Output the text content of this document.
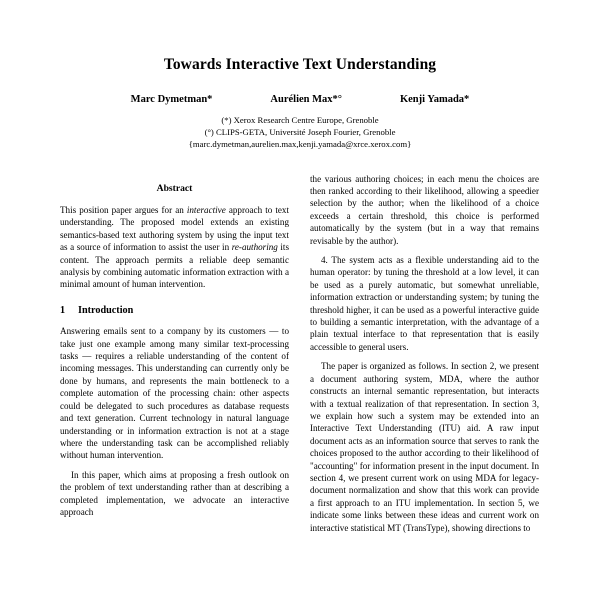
Towards Interactive Text Understanding
Marc Dymetman*	Aurélien Max*°	Kenji Yamada*
(*) Xerox Research Centre Europe, Grenoble
(°) CLIPS-GETA, Université Joseph Fourier, Grenoble
{marc.dymetman,aurelien.max,kenji.yamada@xrce.xerox.com}
Abstract

This position paper argues for an interactive approach to text understanding. The proposed model extends an existing semantics-based text authoring system by using the input text as a source of information to assist the user in re-authoring its content. The approach permits a reliable deep semantic analysis by combining automatic information extraction with a minimal amount of human intervention.

1	Introduction

Answering emails sent to a company by its customers — to take just one example among many similar text-processing tasks — requires a reliable understanding of the content of incoming messages. This understanding can currently only be done by humans, and represents the main bottleneck to a complete automation of the processing chain: other aspects could be delegated to such procedures as database requests and text generation. Current technology in natural language understanding or in information extraction is not at a stage where the understanding task can be accomplished reliably without human intervention.

In this paper, which aims at proposing a fresh outlook on the problem of text understanding rather than at describing a completed implementation, we advocate an interactive approach

the various authoring choices; in each menu the choices are then ranked according to their likelihood, allowing a speedier selection by the author; when the likelihood of a choice exceeds a certain threshold, this choice is performed automatically by the system (but in a way that remains revisable by the author).

4. The system acts as a flexible understanding aid to the human operator: by tuning the threshold at a low level, it can be used as a purely automatic, but somewhat unreliable, information extraction or understanding system; by tuning the threshold higher, it can be used as a powerful interactive guide to building a semantic interpretation, with the advantage of a plain textual interface to that representation that is easily accessible to general users.

The paper is organized as follows. In section 2, we present a document authoring system, MDA, where the author constructs an internal semantic representation, but interacts with a textual realization of that representation. In section 3, we explain how such a system may be extended into an Interactive Text Understanding (ITU) aid. A raw input document acts as an information source that serves to rank the choices proposed to the author according to their likelihood of "accounting" for information present in the input document. In section 4, we present current work on using MDA for legacy-document normalization and show that this work can provide a first approach to an ITU implementation. In section 5, we indicate some links between these ideas and current work on interactive statistical MT (TransType), showing directions to
